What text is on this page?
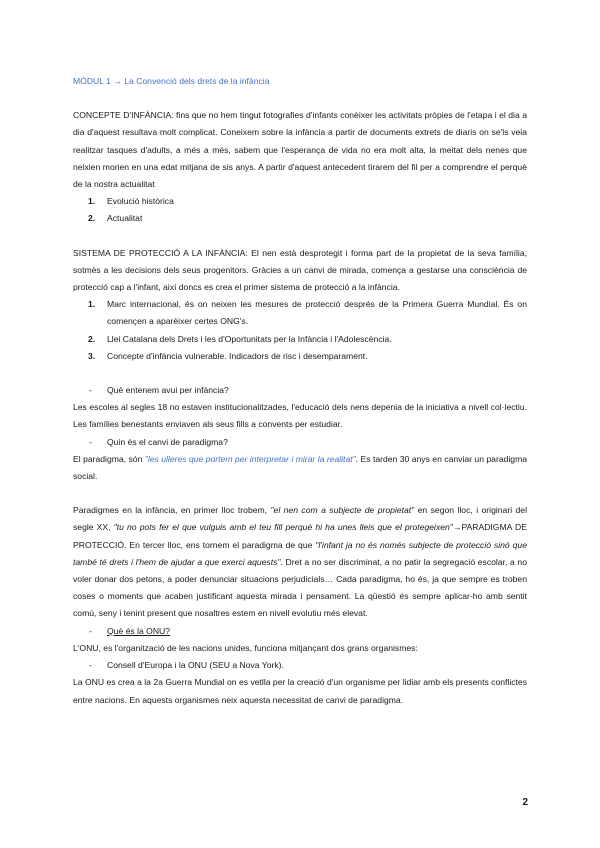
MÒDUL 1 → La Convenció dels drets de la infància

CONCEPTE D'INFÀNCIA: fins que no hem tingut fotografies d'infants conèixer les activitats pròpies de l'etapa i el dia a dia d'aquest resultava molt complicat. Coneixem sobre la infància a partir de documents extrets de diaris on se'ls veia realitzar tasques d'adults, a més a més, sabem que l'esperança de vida no era molt alta, la meitat dels nenes que neixien morien en una edat mitjana de sis anys. A partir d'aquest antecedent tirarem del fil per a comprendre el perquè de la nostra actualitat

1. Evolució històrica
2. Actualitat

SISTEMA DE PROTECCIÓ A LA INFÀNCIA: El nen està desprotegit i forma part de la propietat de la seva família, sotmès a les decisions dels seus progenitors. Gràcies a un canvi de mirada, comença a gestarse una consciència de protecció cap a l'infant, així doncs es crea el primer sistema de protecció a la infància.

1. Marc internacional, és on neixen les mesures de protecció després de la Primera Guerra Mundial. És on començen a aparèixer certes ONG's.
2. Llei Catalana dels Drets i les d'Oportunitats per la Infància i l'Adolescència.
3. Concepte d'infància vulnerable. Indicadors de risc i desemparament.
- Què entenem avui per infància?

Les escoles al segles 18 no estaven institucionalitzades, l'educació dels nens depenia de la iniciativa a nivell col·lectiu. Les famílies benestants enviaven als seus fills a convents per estudiar.

- Quin és el canvi de paradigma?

El paradigma, són "les ulleres que portem per interpretar i mirar la realitat". Es tarden 30 anys en canviar un paradigma social.

Paradigmes en la infància, en primer lloc trobem, "el nen com a subjecte de propietat" en segon lloc, i originari del segle XX, "tu no pots fer el que vulguis amb el teu fill perquè hi ha unes lleis que el protegeixen"→PARADIGMA DE PROTECCIÓ. En tercer lloc, ens tornem el paradigma de que "l'infant ja no és només subjecte de protecció sinó que també té drets i l'hem de ajudar a que exerci aquests". Dret a no ser discriminat, a no patir la segregació escolar, a no voler donar dos petons, a poder denunciar situacions perjudicials… Cada paradigma, ho és, ja que sempre es troben coses o moments que acaben justificant aquesta mirada i pensament. La qüestió és sempre aplicar-ho amb sentit comú, seny i tenint present que nosaltres estem en nivell evolutiu més elevat.

- Què és la ONU?

L'ONU, es l'organització de les nacions unides, funciona mitjançant dos grans organismes:

- Consell d'Europa i la ONU (SEU a Nova York).

La ONU es crea a la 2a Guerra Mundial on es vetlla per la creació d'un organisme per lidiar amb els presents conflictes entre nacions. En aquests organismes neix aquesta necessitat de canvi de paradigma.

2
